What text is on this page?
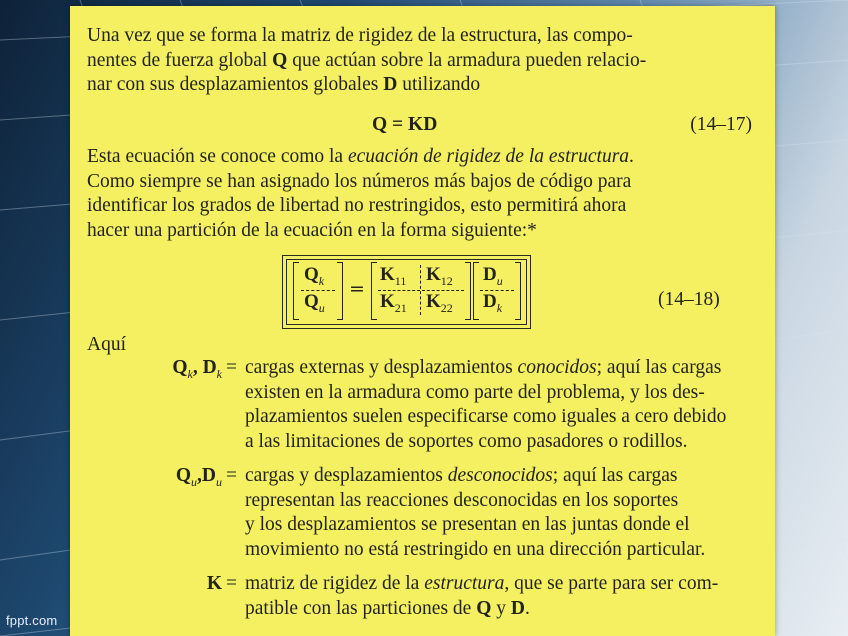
fppt.com
Una vez que se forma la matriz de rigidez de la estructura, las compo-
nentes de fuerza global Q que actúan sobre la armadura pueden relacio-
nar con sus desplazamientos globales D utilizando
Q = KD	(14–17)
Esta ecuación se conoce como la ecuación de rigidez de la estructura.
Como siempre se han asignado los números más bajos de código para
identificar los grados de libertad no restringidos, esto permitirá ahora
hacer una partición de la ecuación en la forma siguiente:*
$Q_k$
$Q_u$
=
$K_{11}$ $K_{12}$
$K_{21}$ $K_{22}$
$D_u$
$D_k$	(14–18)
Aquí
$Q_k$, $D_k$ = cargas externas y desplazamientos conocidos; aquí las cargas
existen en la armadura como parte del problema, y los des-
plazamientos suelen especificarse como iguales a cero debido
a las limitaciones de soportes como pasadores o rodillos.
$Q_u,D_u$ = cargas y desplazamientos desconocidos; aquí las cargas
representan las reacciones desconocidas en los soportes
y los desplazamientos se presentan en las juntas donde el
movimiento no está restringido en una dirección particular.
K = matriz de rigidez de la estructura, que se parte para ser com-
patible con las particiones de Q y D.
